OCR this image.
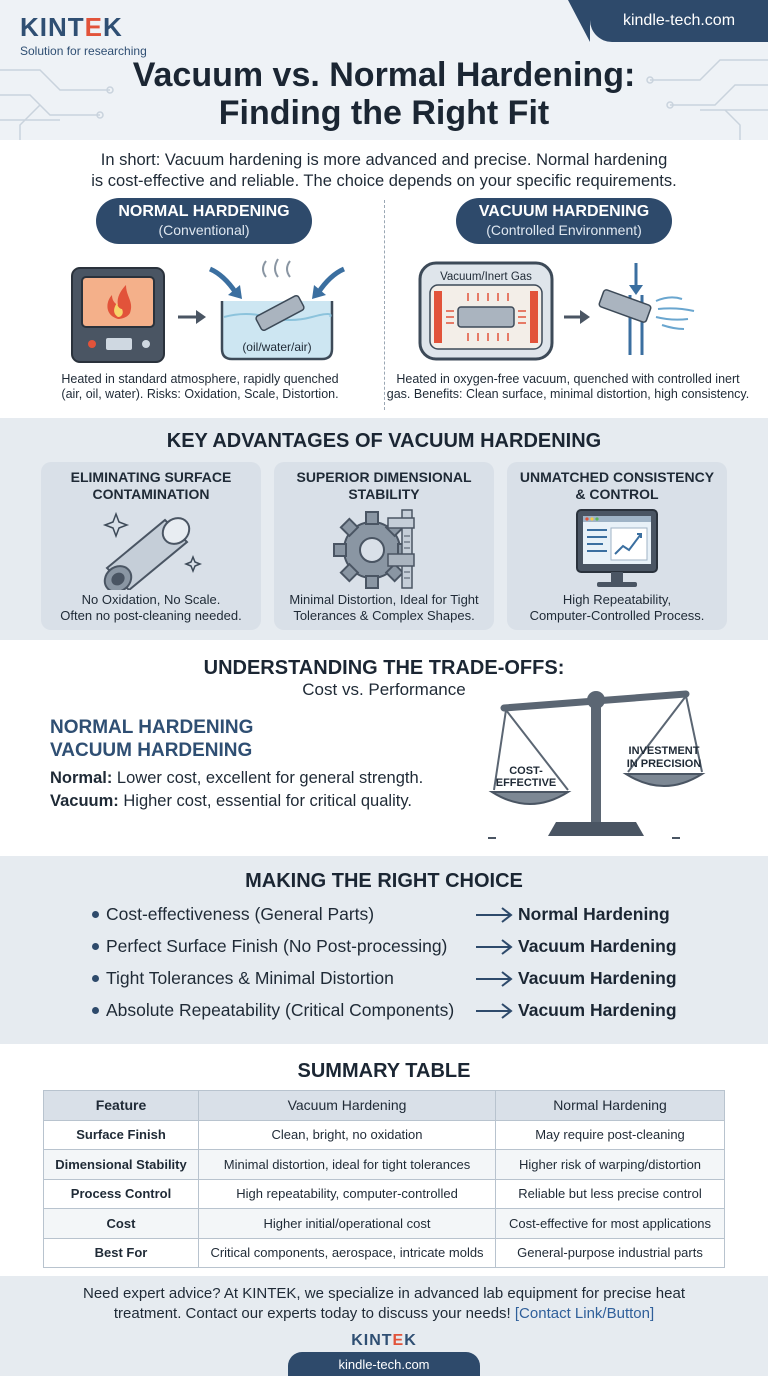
KINTEK
Solution for researching
kindle-tech.com
Vacuum vs. Normal Hardening:
Finding the Right Fit
In short: Vacuum hardening is more advanced and precise. Normal hardening
is cost-effective and reliable. The choice depends on your specific requirements.
NORMAL HARDENING
(Conventional)
VACUUM HARDENING
(Controlled Environment)
(oil/water/air)
Heated in standard atmosphere, rapidly quenched
(air, oil, water). Risks: Oxidation, Scale, Distortion.
Vacuum/Inert Gas
Heated in oxygen-free vacuum, quenched with controlled inert
gas. Benefits: Clean surface, minimal distortion, high consistency.
KEY ADVANTAGES OF VACUUM HARDENING
ELIMINATING SURFACE
CONTAMINATION
No Oxidation, No Scale.
Often no post-cleaning needed.
SUPERIOR DIMENSIONAL
STABILITY
Minimal Distortion, Ideal for Tight
Tolerances & Complex Shapes.
UNMATCHED CONSISTENCY
& CONTROL
High Repeatability,
Computer-Controlled Process.
UNDERSTANDING THE TRADE-OFFS:
Cost vs. Performance
NORMAL HARDENING
VACUUM HARDENING
Normal: Lower cost, excellent for general strength.
Vacuum: Higher cost, essential for critical quality.
COST-
EFFECTIVE
INVESTMENT
IN PRECISION
MAKING THE RIGHT CHOICE
Cost-effectiveness (General Parts)	Normal Hardening
Perfect Surface Finish (No Post-processing)	Vacuum Hardening
Tight Tolerances & Minimal Distortion	Vacuum Hardening
Absolute Repeatability (Critical Components)	Vacuum Hardening
SUMMARY TABLE
Feature	Vacuum Hardening	Normal Hardening
Surface Finish	Clean, bright, no oxidation	May require post-cleaning
Dimensional Stability	Minimal distortion, ideal for tight tolerances	Higher risk of warping/distortion
Process Control	High repeatability, computer-controlled	Reliable but less precise control
Cost	Higher initial/operational cost	Cost-effective for most applications
Best For	Critical components, aerospace, intricate molds	General-purpose industrial parts
Need expert advice? At KINTEK, we specialize in advanced lab equipment for precise heat
treatment. Contact our experts today to discuss your needs! [Contact Link/Button]
KINTEK
kindle-tech.com
